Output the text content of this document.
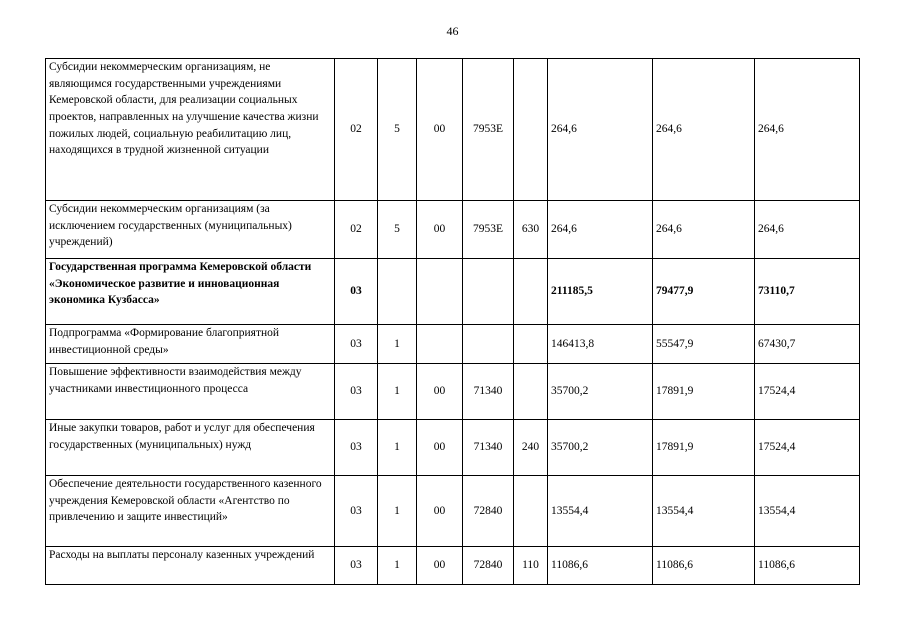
46
Субсидии некоммерческим организациям, не являющимся государственными учреждениями Кемеровской области, для реализации социальных проектов, направленных на улучшение качества жизни пожилых людей, социальную реабилитацию лиц, находящихся в трудной жизненной ситуации	02	5	00	7953E		264,6	264,6	264,6
Субсидии некоммерческим организациям (за исключением государственных (муниципальных) учреждений)	02	5	00	7953E	630	264,6	264,6	264,6
Государственная программа Кемеровской области «Экономическое развитие и инновационная экономика Кузбасса»	03					211185,5	79477,9	73110,7
Подпрограмма «Формирование благоприятной инвестиционной среды»	03	1				146413,8	55547,9	67430,7
Повышение эффективности взаимодействия между участниками инвестиционного процесса	03	1	00	71340		35700,2	17891,9	17524,4
Иные закупки товаров, работ и услуг для обеспечения государственных (муниципальных) нужд	03	1	00	71340	240	35700,2	17891,9	17524,4
Обеспечение деятельности государственного казенного учреждения Кемеровской области «Агентство по привлечению и защите инвестиций»	03	1	00	72840		13554,4	13554,4	13554,4
Расходы на выплаты персоналу казенных учреждений	03	1	00	72840	110	11086,6	11086,6	11086,6
